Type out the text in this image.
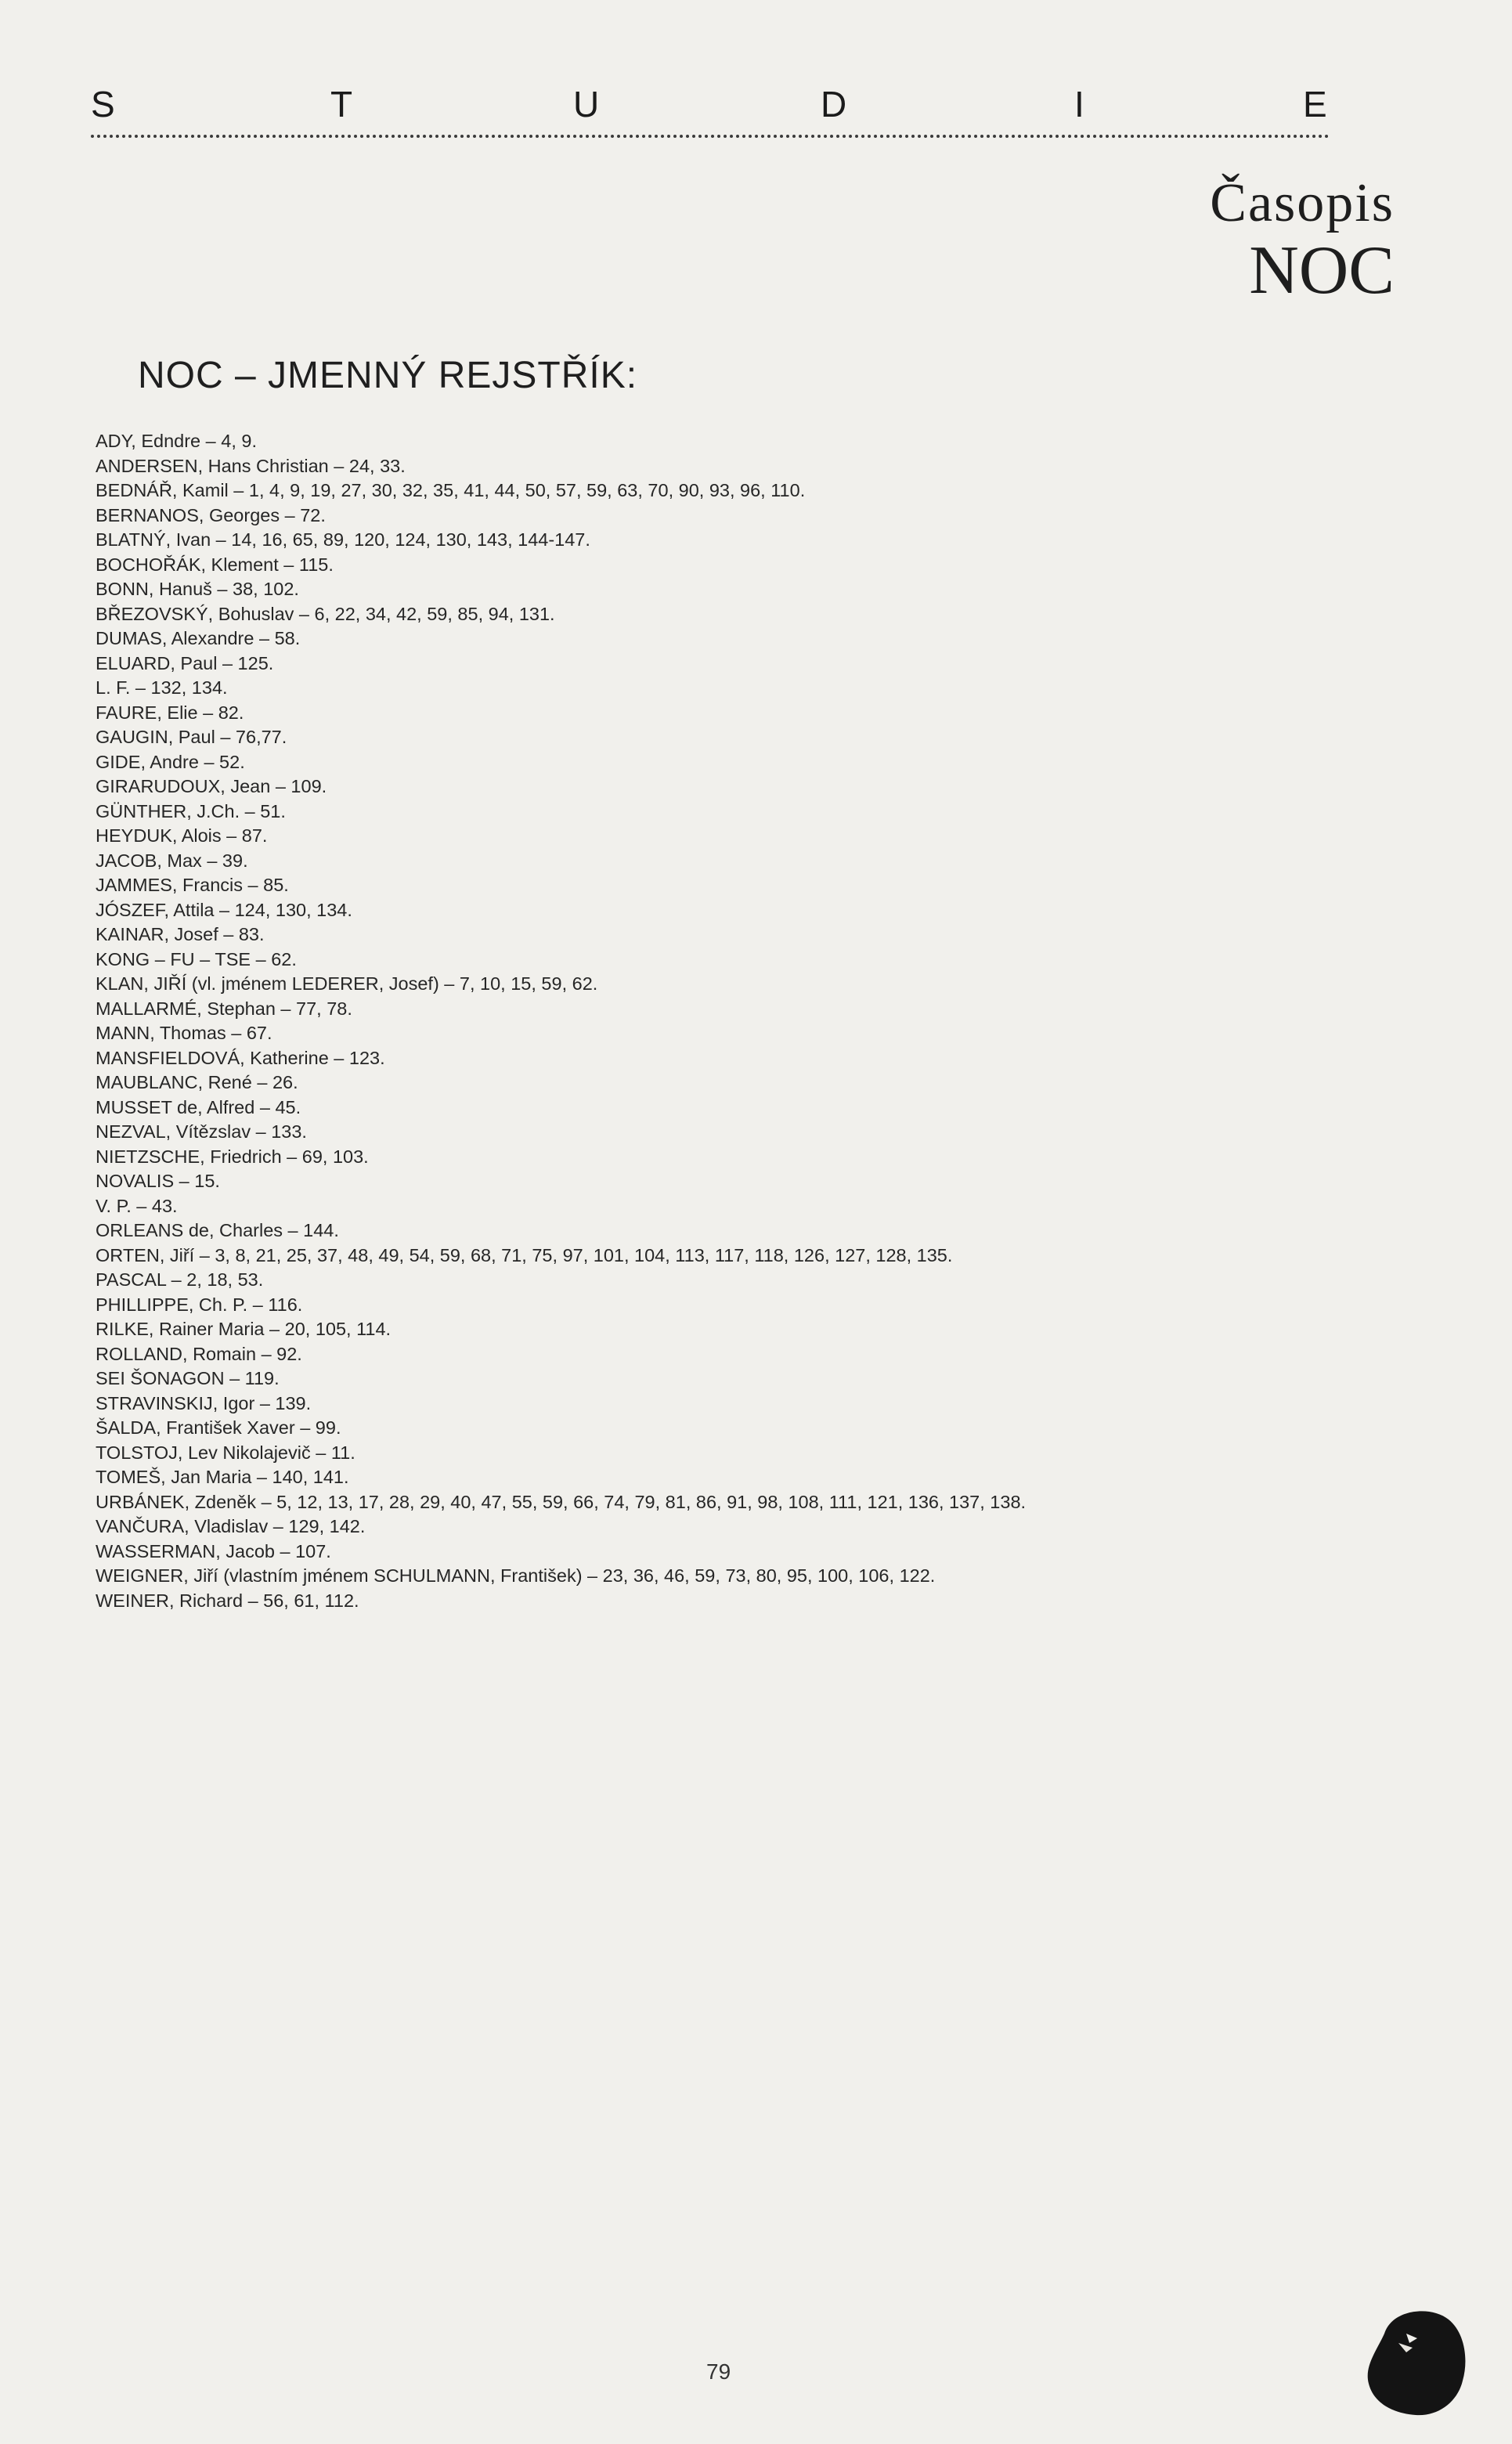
S	T	U	D	I	E
Časopis
NOC
NOC – JMENNÝ REJSTŘÍK:
ADY, Edndre – 4, 9.
ANDERSEN, Hans Christian – 24, 33.
BEDNÁŘ, Kamil – 1, 4, 9, 19, 27, 30, 32, 35, 41, 44, 50, 57, 59, 63, 70, 90, 93, 96, 110.
BERNANOS, Georges – 72.
BLATNÝ, Ivan – 14, 16, 65, 89, 120, 124, 130, 143, 144-147.
BOCHOŘÁK, Klement – 115.
BONN, Hanuš – 38, 102.
BŘEZOVSKÝ, Bohuslav – 6, 22, 34, 42, 59, 85, 94, 131.
DUMAS, Alexandre – 58.
ELUARD, Paul – 125.
L. F. – 132, 134.
FAURE, Elie – 82.
GAUGIN, Paul – 76,77.
GIDE, Andre – 52.
GIRARUDOUX, Jean – 109.
GÜNTHER, J.Ch. – 51.
HEYDUK, Alois – 87.
JACOB, Max – 39.
JAMMES, Francis – 85.
JÓSZEF, Attila – 124, 130, 134.
KAINAR, Josef – 83.
KONG – FU – TSE – 62.
KLAN, JIŘÍ (vl. jménem LEDERER, Josef) – 7, 10, 15, 59, 62.
MALLARMÉ, Stephan – 77, 78.
MANN, Thomas – 67.
MANSFIELDOVÁ, Katherine – 123.
MAUBLANC, René – 26.
MUSSET de, Alfred – 45.
NEZVAL, Vítězslav – 133.
NIETZSCHE, Friedrich – 69, 103.
NOVALIS – 15.
V. P. – 43.
ORLEANS de, Charles – 144.
ORTEN, Jiří – 3, 8, 21, 25, 37, 48, 49, 54, 59, 68, 71, 75, 97, 101, 104, 113, 117, 118, 126, 127, 128, 135.
PASCAL – 2, 18, 53.
PHILLIPPE, Ch. P. – 116.
RILKE, Rainer Maria – 20, 105, 114.
ROLLAND, Romain – 92.
SEI ŠONAGON – 119.
STRAVINSKIJ, Igor – 139.
ŠALDA, František Xaver – 99.
TOLSTOJ, Lev Nikolajevič – 11.
TOMEŠ, Jan Maria – 140, 141.
URBÁNEK, Zdeněk – 5, 12, 13, 17, 28, 29, 40, 47, 55, 59, 66, 74, 79, 81, 86, 91, 98, 108, 111, 121, 136, 137, 138.
VANČURA, Vladislav – 129, 142.
WASSERMAN, Jacob – 107.
WEIGNER, Jiří (vlastním jménem SCHULMANN, František) – 23, 36, 46, 59, 73, 80, 95, 100, 106, 122.
WEINER, Richard – 56, 61, 112.
79
